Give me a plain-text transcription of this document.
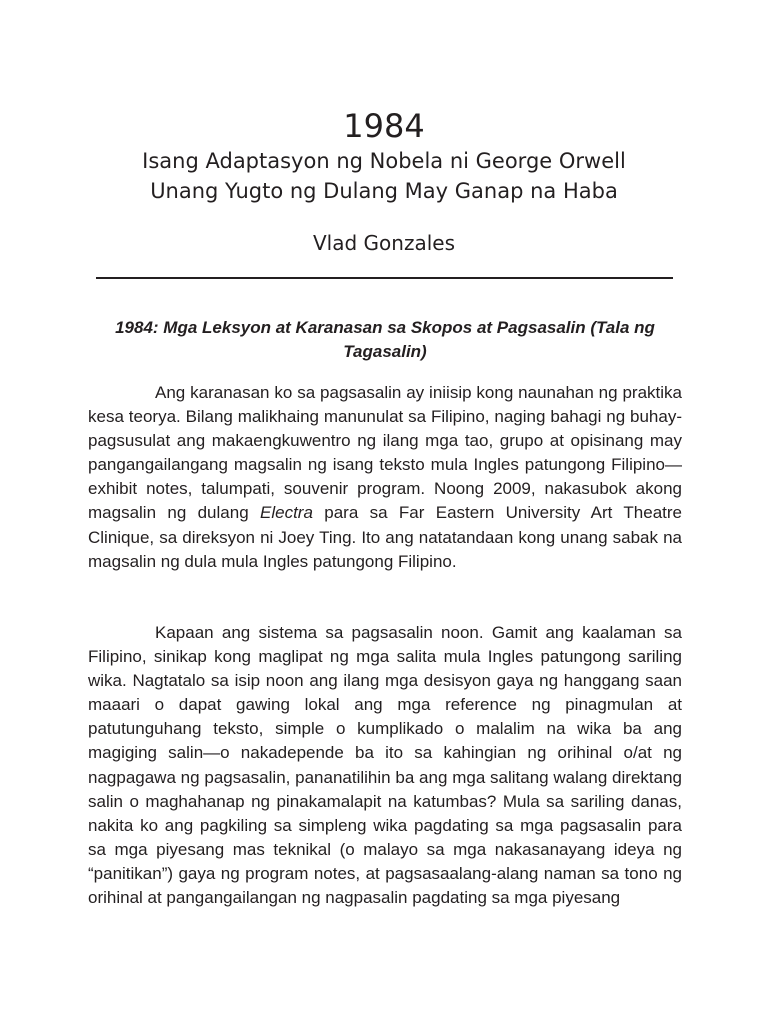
1984

Isang Adaptasyon ng Nobela ni George Orwell

Unang Yugto ng Dulang May Ganap na Haba

Vlad Gonzales

1984: Mga Leksyon at Karanasan sa Skopos at Pagsasalin (Tala ng Tagasalin)

Ang karanasan ko sa pagsasalin ay iniisip kong naunahan ng praktika kesa teorya. Bilang malikhaing manunulat sa Filipino, naging bahagi ng buhay-pagsusulat ang makaengkuwentro ng ilang mga tao, grupo at opisinang may pangangailangang magsalin ng isang teksto mula Ingles patungong Filipino—exhibit notes, talumpati, souvenir program. Noong 2009, nakasubok akong magsalin ng dulang Electra para sa Far Eastern University Art Theatre Clinique, sa direksyon ni Joey Ting. Ito ang natatandaan kong unang sabak na magsalin ng dula mula Ingles patungong Filipino.

Kapaan ang sistema sa pagsasalin noon. Gamit ang kaalaman sa Filipino, sinikap kong maglipat ng mga salita mula Ingles patungong sariling wika. Nagtatalo sa isip noon ang ilang mga desisyon gaya ng hanggang saan maaari o dapat gawing lokal ang mga reference ng pinagmulan at patutunguhang teksto, simple o kumplikado o malalim na wika ba ang magiging salin—o nakadepende ba ito sa kahingian ng orihinal o/at ng nagpagawa ng pagsasalin, pananatilihin ba ang mga salitang walang direktang salin o maghahanap ng pinakamalapit na katumbas? Mula sa sariling danas, nakita ko ang pagkiling sa simpleng wika pagdating sa mga pagsasalin para sa mga piyesang mas teknikal (o malayo sa mga nakasanayang ideya ng “panitikan”) gaya ng program notes, at pagsasaalang-alang naman sa tono ng orihinal at pangangailangan ng nagpasalin pagdating sa mga piyesang
